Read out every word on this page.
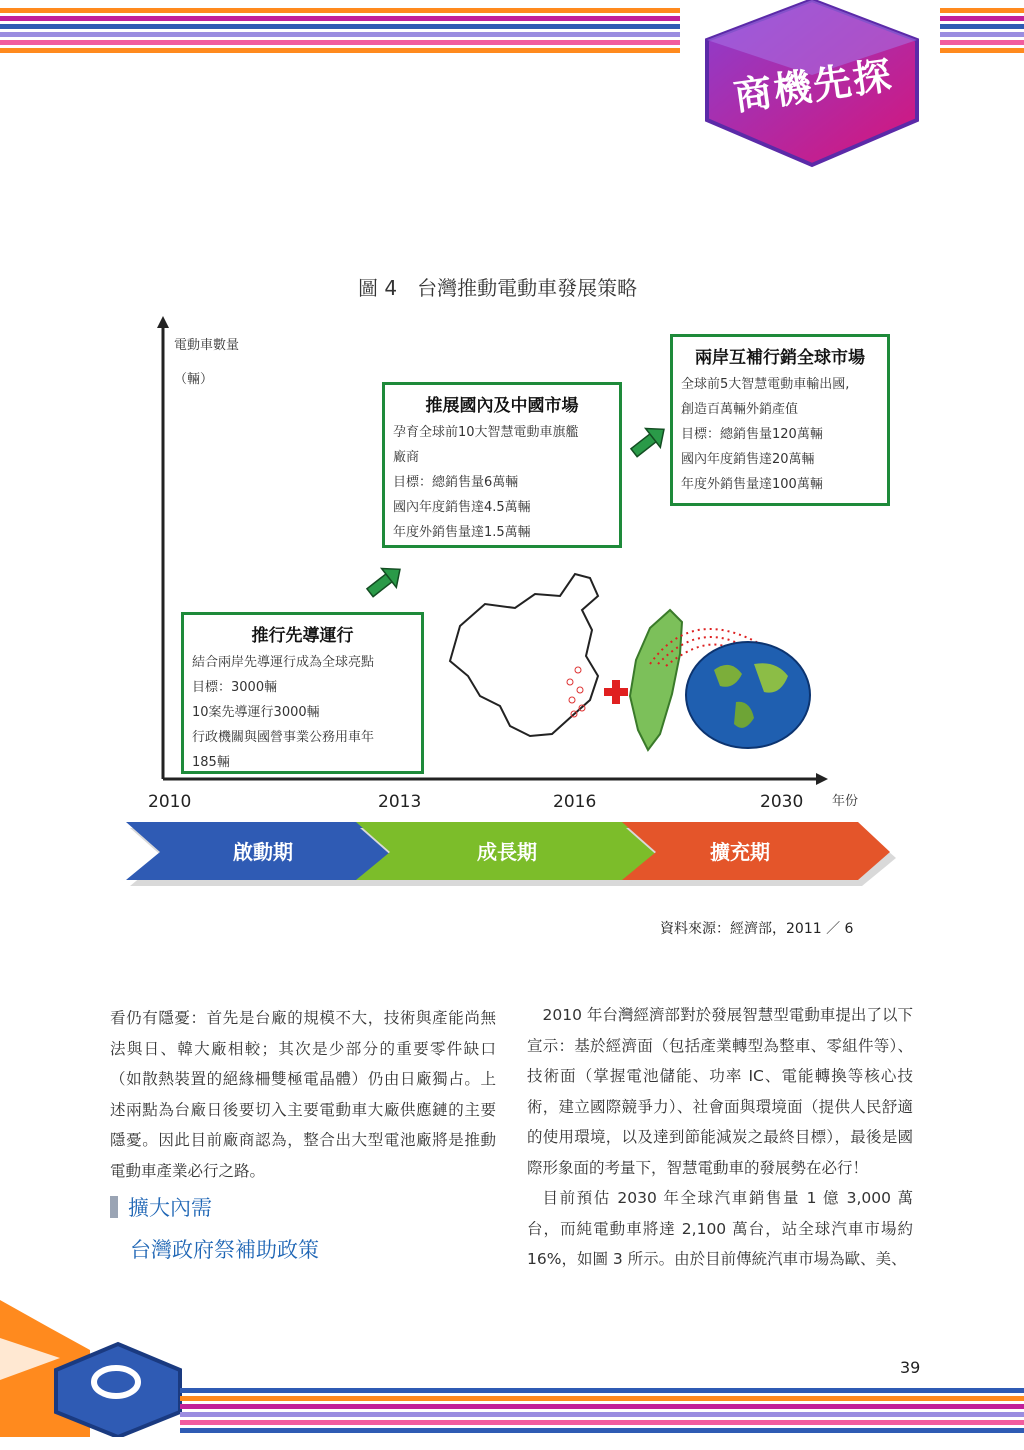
商機先探
圖 4　台灣推動電動車發展策略
電動車數量
（輛）
年份
推行先導運行
結合兩岸先導運行成為全球亮點
目標：3000輛
10案先導運行3000輛
行政機關與國營事業公務用車年
185輛
推展國內及中國市場
孕育全球前10大智慧電動車旗艦
廠商
目標：總銷售量6萬輛
國內年度銷售達4.5萬輛
年度外銷售量達1.5萬輛
兩岸互補行銷全球市場
全球前5大智慧電動車輸出國,
創造百萬輛外銷產值
目標：總銷售量120萬輛
國內年度銷售達20萬輛
年度外銷售量達100萬輛
2010	2013	2016	2030
啟動期	成長期	擴充期
資料來源：經濟部，2011 ／ 6

看仍有隱憂：首先是台廠的規模不大，技術與產能尚無法與日、韓大廠相較；其次是少部分的重要零件缺口（如散熱裝置的絕緣柵雙極電晶體）仍由日廠獨占。上述兩點為台廠日後要切入主要電動車大廠供應鏈的主要隱憂。因此目前廠商認為，整合出大型電池廠將是推動電動車產業必行之路。

擴大內需
台灣政府祭補助政策

2010 年台灣經濟部對於發展智慧型電動車提出了以下宣示：基於經濟面（包括產業轉型為整車、零組件等）、技術面（掌握電池儲能、功率 IC、電能轉換等核心技術，建立國際競爭力）、社會面與環境面（提供人民舒適的使用環境，以及達到節能減炭之最終目標），最後是國際形象面的考量下，智慧電動車的發展勢在必行！

目前預估 2030 年全球汽車銷售量 1 億 3,000 萬台，而純電動車將達 2,100 萬台，站全球汽車市場約 16%，如圖 3 所示。由於目前傳統汽車市場為歐、美、

39
